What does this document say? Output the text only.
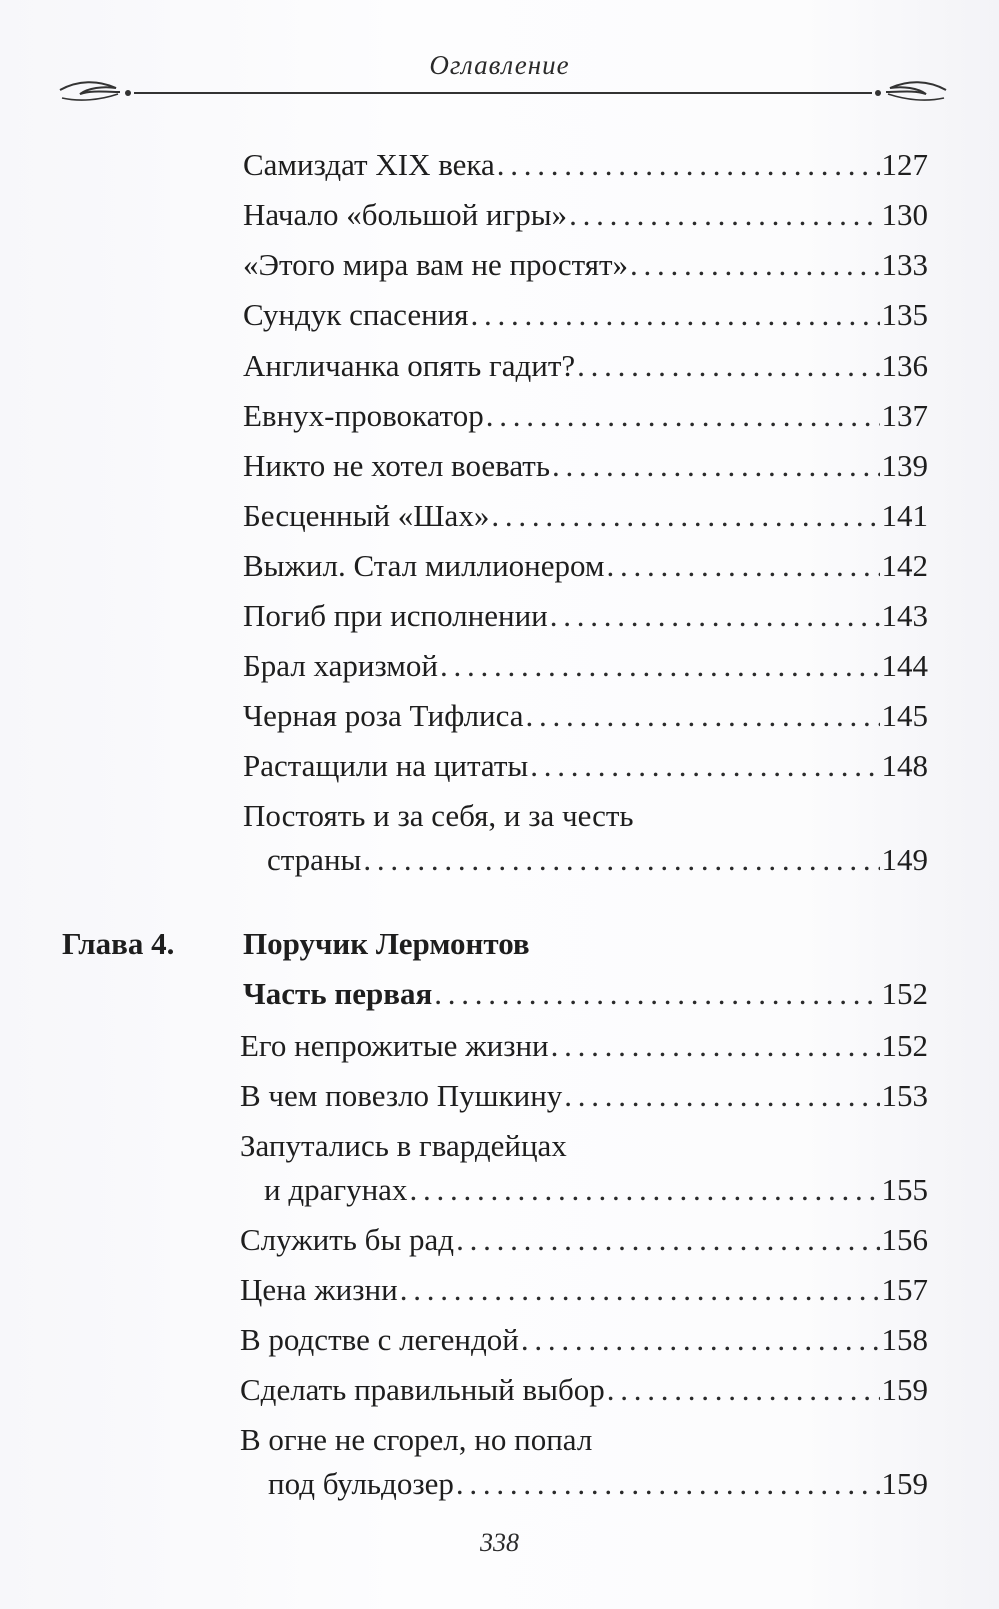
Оглавление
Самиздат XIX века . . .	127
Начало «большой игры» . . .	130
«Этого мира вам не простят» . . .	133
Сундук спасения . . .	135
Англичанка опять гадит? . . .	136
Евнух-провокатор . . .	137
Никто не хотел воевать . . .	139
Бесценный «Шах» . . .	141
Выжил. Стал миллионером . . .	142
Погиб при исполнении . . .	143
Брал харизмой . . .	144
Черная роза Тифлиса . . .	145
Растащили на цитаты . . .	148
Постоять и за себя, и за честь
страны . . .	149
Глава 4. Поручик Лермонтов
Часть первая . . .	152
Его непрожитые жизни . . .	152
В чем повезло Пушкину . . .	153
Запутались в гвардейцах
и драгунах . . .	155
Служить бы рад . . .	156
Цена жизни . . .	157
В родстве с легендой . . .	158
Сделать правильный выбор . . .	159
В огне не сгорел, но попал
под бульдозер . . .	159
338
